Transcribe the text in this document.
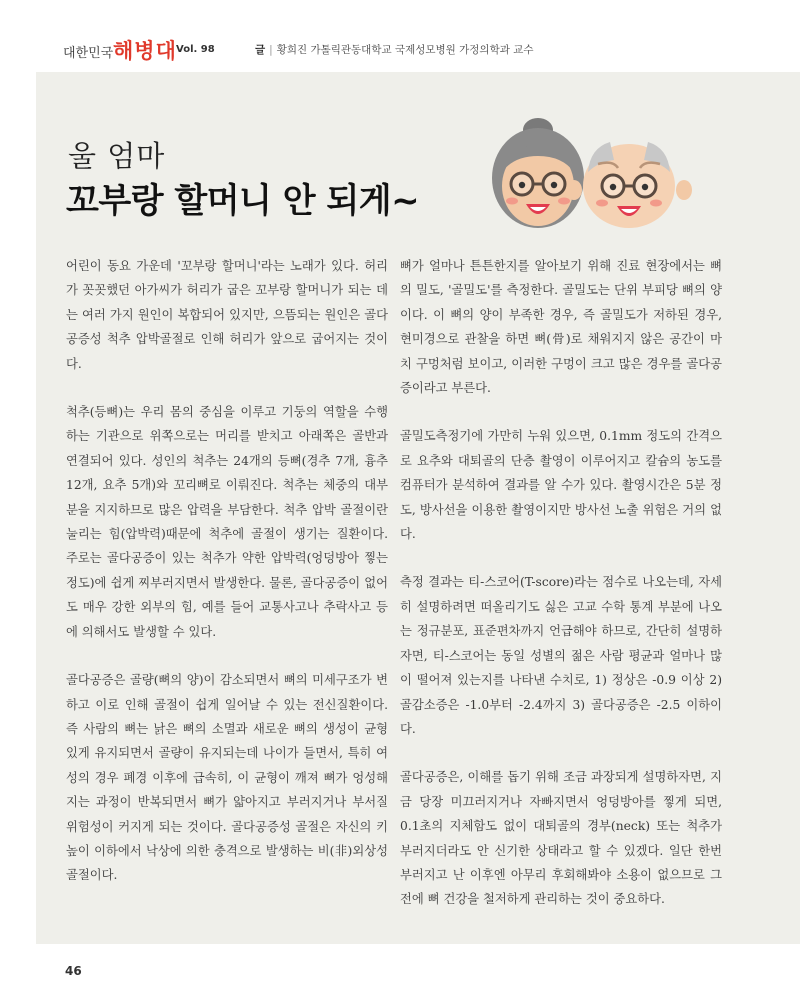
대한민국 해병대 Vol. 98	글 | 황희진 가톨릭관동대학교 국제성모병원 가정의학과 교수
울 엄마
꼬부랑 할머니 안 되게~

어린이 동요 가운데 '꼬부랑 할머니'라는 노래가 있다. 허리가 꼿꼿했던 아가씨가 허리가 굽은 꼬부랑 할머니가 되는 데는 여러 가지 원인이 복합되어 있지만, 으뜸되는 원인은 골다공증성 척추 압박골절로 인해 허리가 앞으로 굽어지는 것이다.

척추(등뼈)는 우리 몸의 중심을 이루고 기둥의 역할을 수행하는 기관으로 위쪽으로는 머리를 받치고 아래쪽은 골반과 연결되어 있다. 성인의 척추는 24개의 등뼈(경추 7개, 흉추 12개, 요추 5개)와 꼬리뼈로 이뤄진다. 척추는 체중의 대부분을 지지하므로 많은 압력을 부담한다. 척추 압박 골절이란 눌리는 힘(압박력)때문에 척추에 골절이 생기는 질환이다. 주로는 골다공증이 있는 척추가 약한 압박력(엉덩방아 찧는 정도)에 쉽게 찌부러지면서 발생한다. 물론, 골다공증이 없어도 매우 강한 외부의 힘, 예를 들어 교통사고나 추락사고 등에 의해서도 발생할 수 있다.

골다공증은 골량(뼈의 양)이 감소되면서 뼈의 미세구조가 변하고 이로 인해 골절이 쉽게 일어날 수 있는 전신질환이다. 즉 사람의 뼈는 낡은 뼈의 소멸과 새로운 뼈의 생성이 균형 있게 유지되면서 골량이 유지되는데 나이가 들면서, 특히 여성의 경우 폐경 이후에 급속히, 이 균형이 깨져 뼈가 엉성해지는 과정이 반복되면서 뼈가 얇아지고 부러지거나 부서질 위험성이 커지게 되는 것이다. 골다공증성 골절은 자신의 키 높이 이하에서 낙상에 의한 충격으로 발생하는 비(非)외상성 골절이다.

뼈가 얼마나 튼튼한지를 알아보기 위해 진료 현장에서는 뼈의 밀도, '골밀도'를 측정한다. 골밀도는 단위 부피당 뼈의 양이다. 이 뼈의 양이 부족한 경우, 즉 골밀도가 저하된 경우, 현미경으로 관찰을 하면 뼈(骨)로 채워지지 않은 공간이 마치 구멍처럼 보이고, 이러한 구멍이 크고 많은 경우를 골다공증이라고 부른다.

골밀도측정기에 가만히 누워 있으면, 0.1mm 정도의 간격으로 요추와 대퇴골의 단층 촬영이 이루어지고 칼슘의 농도를 컴퓨터가 분석하여 결과를 알 수가 있다. 촬영시간은 5분 정도, 방사선을 이용한 촬영이지만 방사선 노출 위험은 거의 없다.

측정 결과는 티-스코어(T-score)라는 점수로 나오는데, 자세히 설명하려면 떠올리기도 싫은 고교 수학 통계 부분에 나오는 정규분포, 표준편차까지 언급해야 하므로, 간단히 설명하자면, 티-스코어는 동일 성별의 젊은 사람 평균과 얼마나 많이 떨어져 있는지를 나타낸 수치로, 1) 정상은 -0.9 이상 2) 골감소증은 -1.0부터 -2.4까지 3) 골다공증은 -2.5 이하이다.

골다공증은, 이해를 돕기 위해 조금 과장되게 설명하자면, 지금 당장 미끄러지거나 자빠지면서 엉덩방아를 찧게 되면, 0.1초의 지체함도 없이 대퇴골의 경부(neck) 또는 척추가 부러지더라도 안 신기한 상태라고 할 수 있겠다. 일단 한번 부러지고 난 이후엔 아무리 후회해봐야 소용이 없으므로 그 전에 뼈 건강을 철저하게 관리하는 것이 중요하다.

46
